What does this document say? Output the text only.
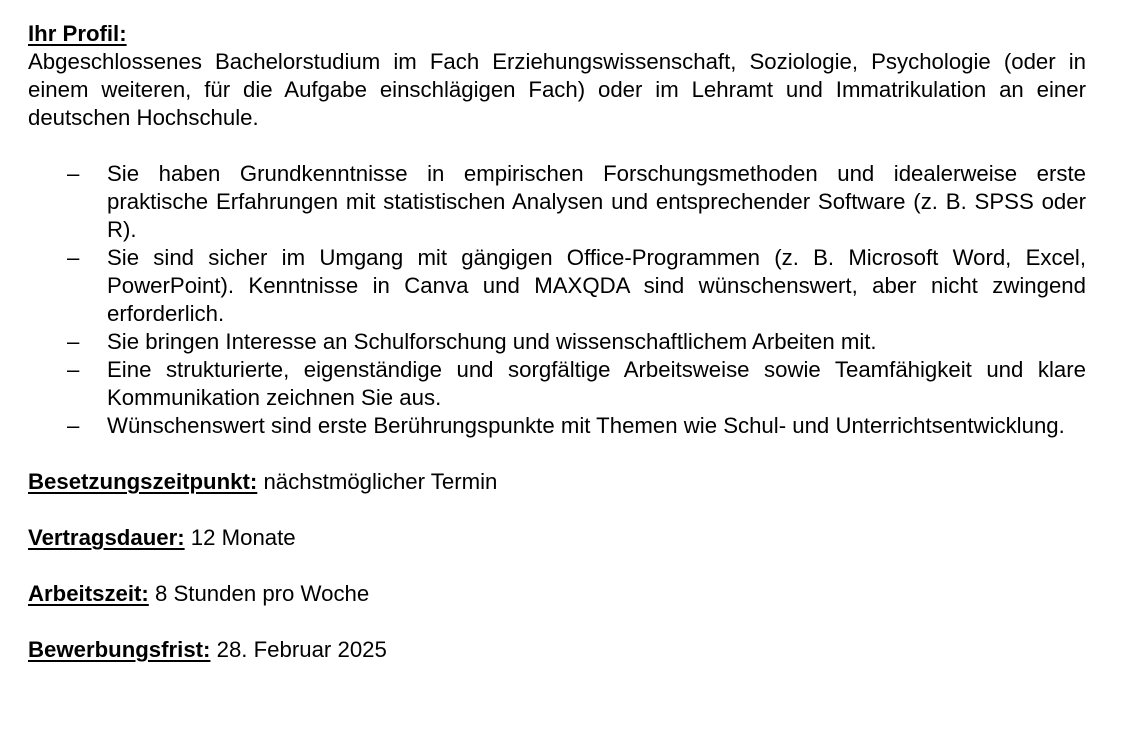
Ihr Profil:

Abgeschlossenes Bachelorstudium im Fach Erziehungswissenschaft, Soziologie, Psychologie (oder in einem weiteren, für die Aufgabe einschlägigen Fach) oder im Lehramt und Immatrikulation an einer deutschen Hochschule.

– Sie haben Grundkenntnisse in empirischen Forschungsmethoden und idealerweise erste praktische Erfahrungen mit statistischen Analysen und entsprechender Software (z. B. SPSS oder R).
– Sie sind sicher im Umgang mit gängigen Office-Programmen (z. B. Microsoft Word, Excel, PowerPoint). Kenntnisse in Canva und MAXQDA sind wünschenswert, aber nicht zwingend erforderlich.
– Sie bringen Interesse an Schulforschung und wissenschaftlichem Arbeiten mit.
– Eine strukturierte, eigenständige und sorgfältige Arbeitsweise sowie Teamfähigkeit und klare Kommunikation zeichnen Sie aus.
– Wünschenswert sind erste Berührungspunkte mit Themen wie Schul- und Unterrichtsentwicklung.

Besetzungszeitpunkt: nächstmöglicher Termin

Vertragsdauer: 12 Monate

Arbeitszeit: 8 Stunden pro Woche

Bewerbungsfrist: 28. Februar 2025
